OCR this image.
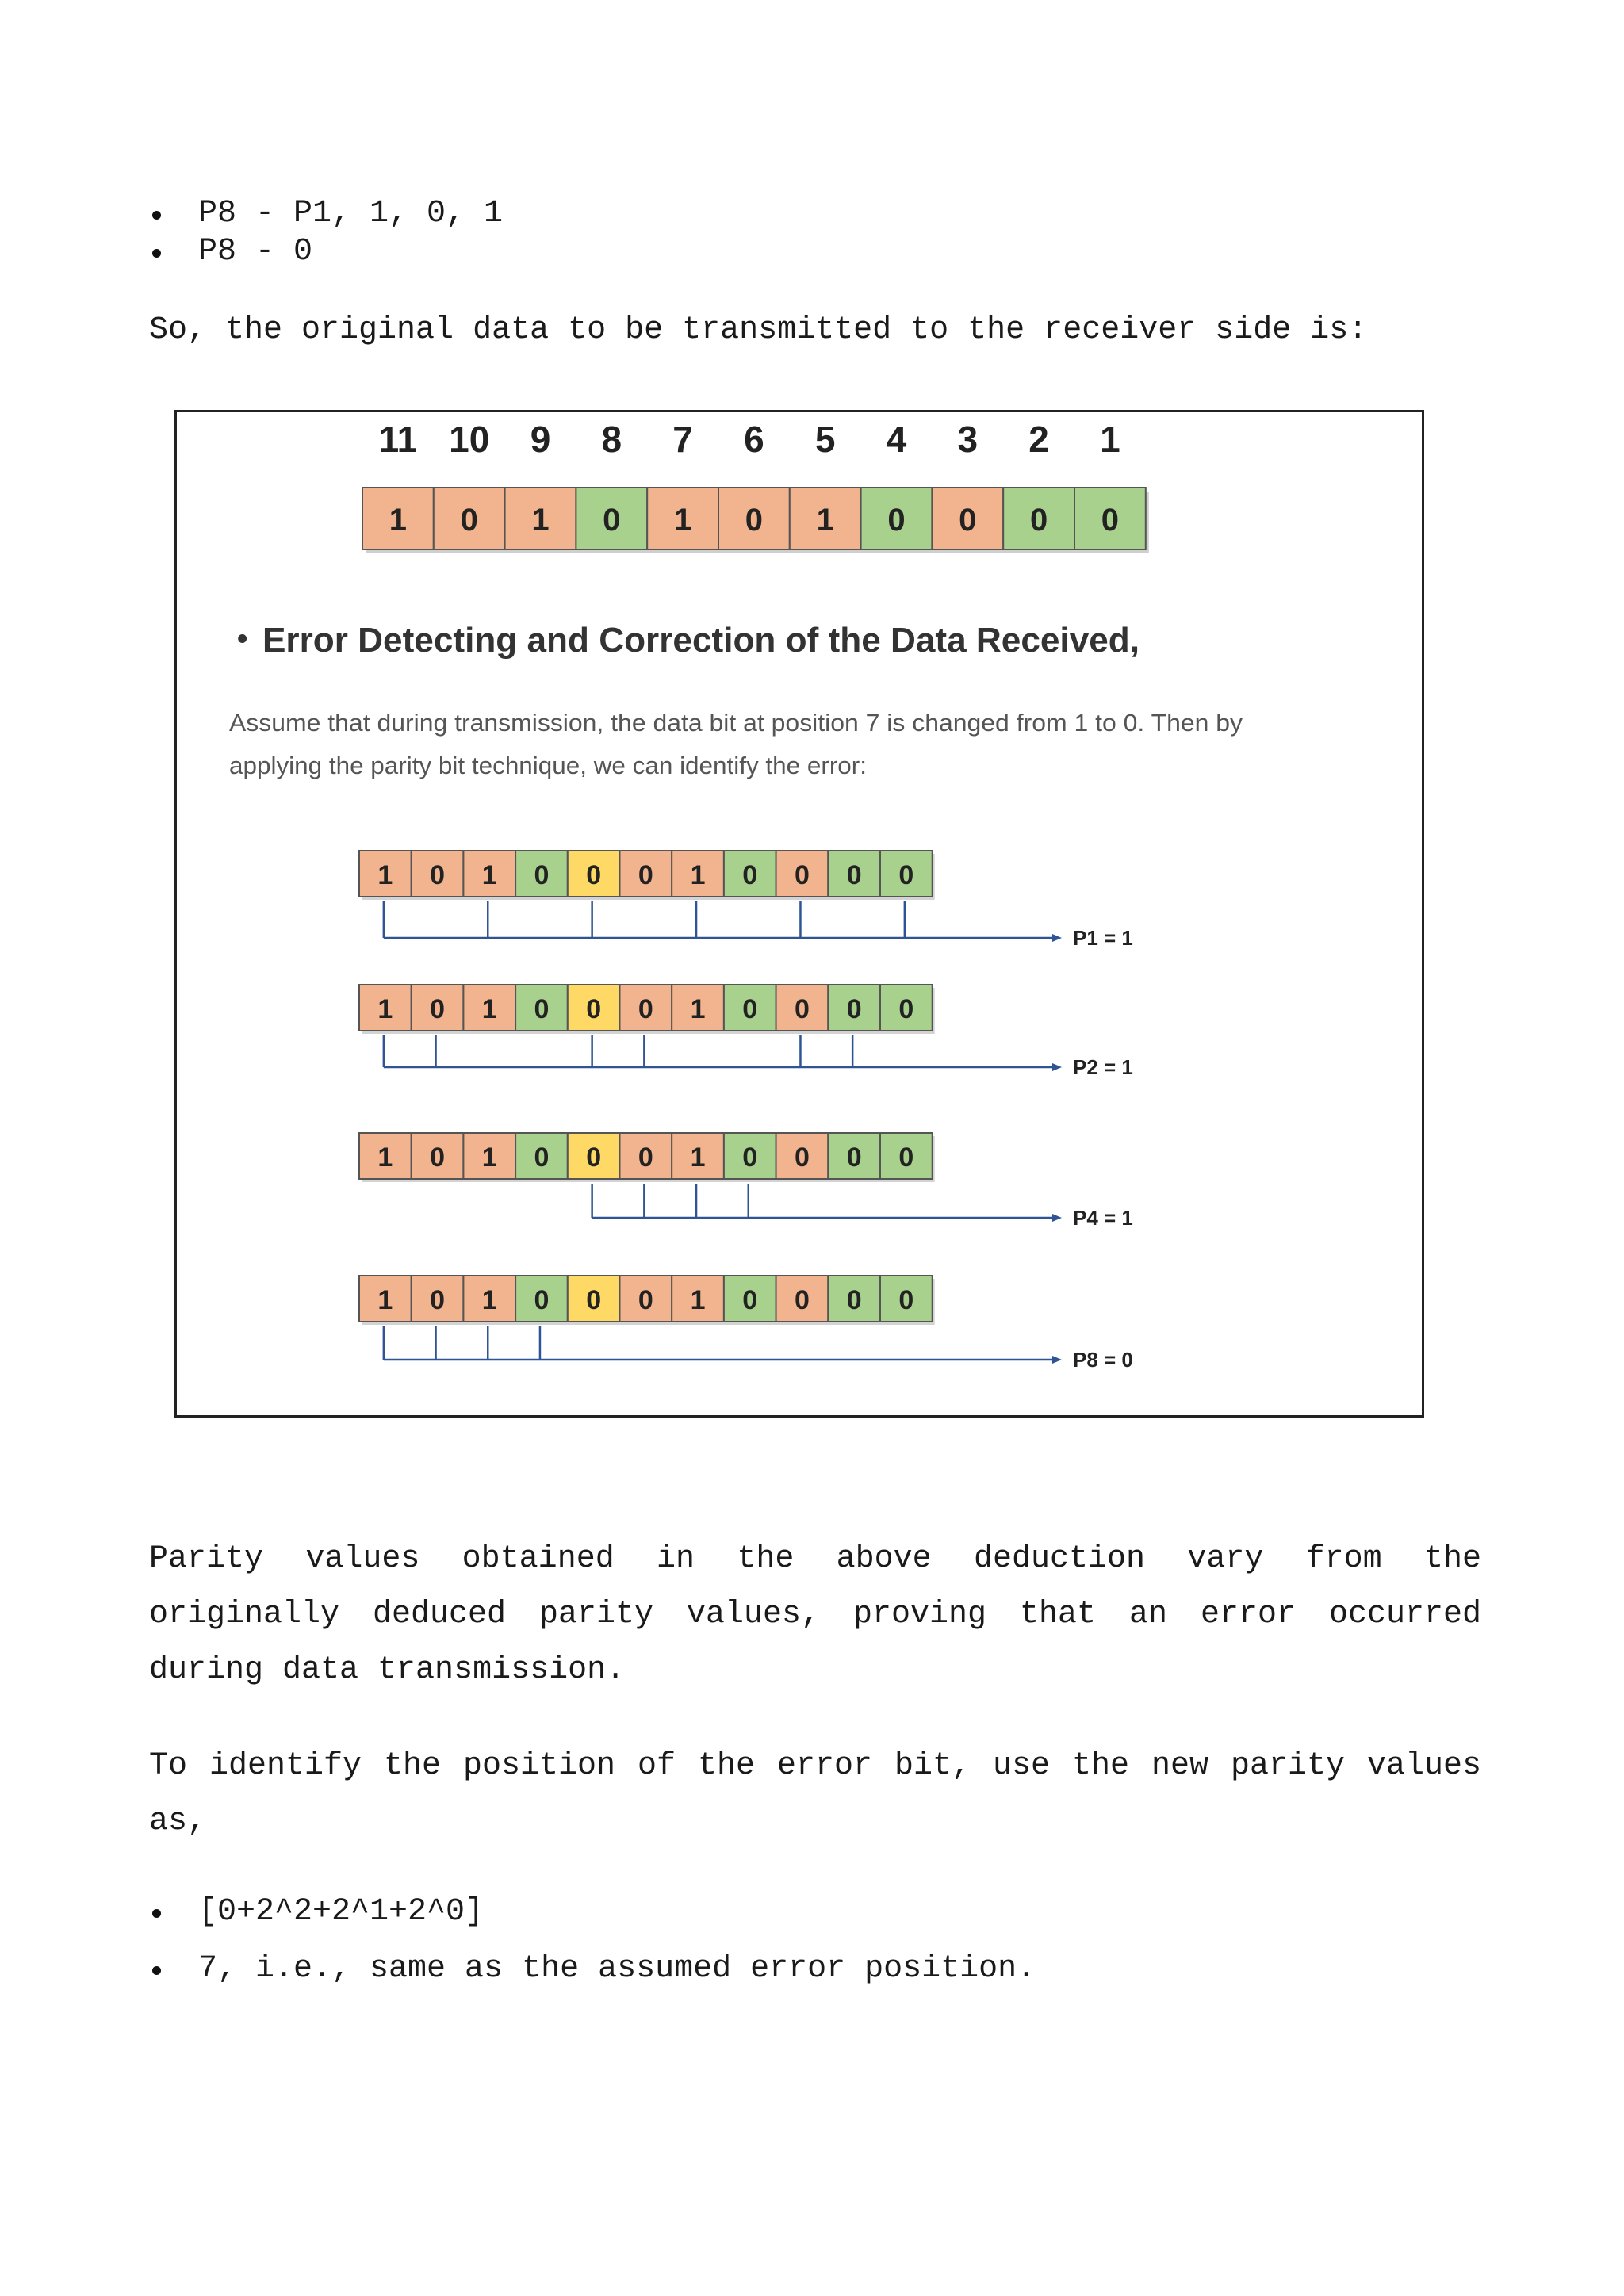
P8 - P1, 1, 0, 1
P8 - 0

So, the original data to be transmitted to the receiver side is:

11 10 9 8 7 6 5 4 3 2 1
1 0 1 0 1 0 1 0 0 0 0
• Error Detecting and Correction of the Data Received,
Assume that during transmission, the data bit at position 7 is changed from 1 to 0. Then by
applying the parity bit technique, we can identify the error:
1 0 1 0 0 0 1 0 0 0 0
P1 = 1
1 0 1 0 0 0 1 0 0 0 0
P2 = 1
1 0 1 0 0 0 1 0 0 0 0
P4 = 1
1 0 1 0 0 0 1 0 0 0 0
P8 = 0

Parity values obtained in the above deduction vary from the originally deduced parity values, proving that an error occurred during data transmission.

To identify the position of the error bit, use the new parity values as,

[0+2^2+2^1+2^0]
7, i.e., same as the assumed error position.
